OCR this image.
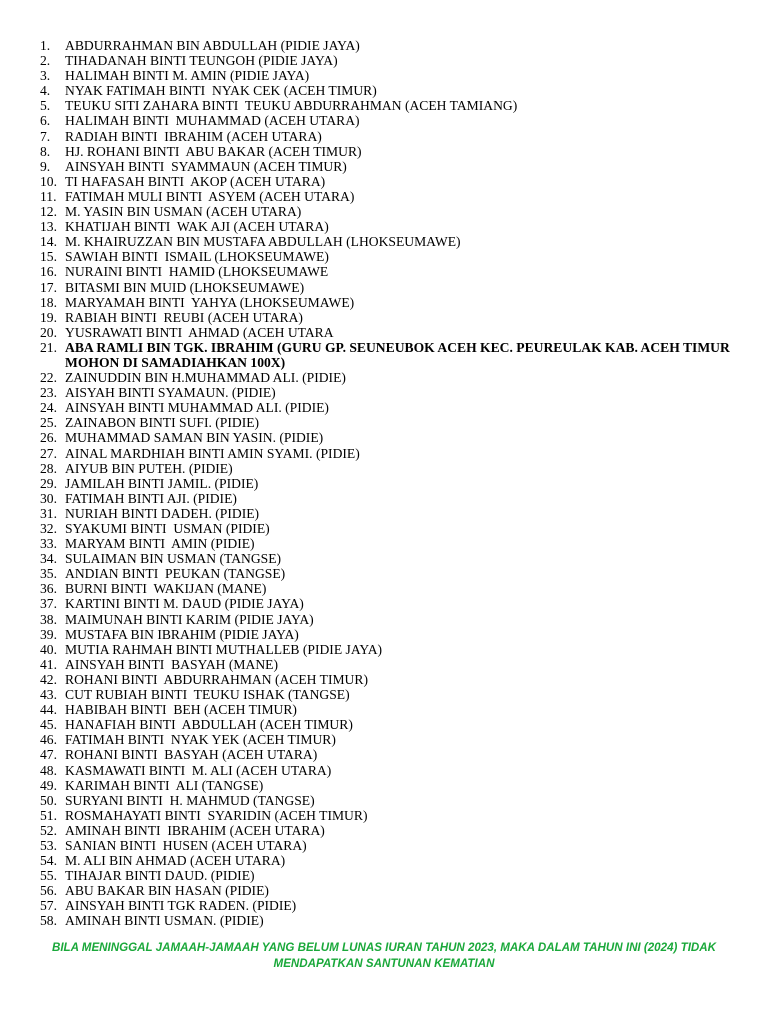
1.	ABDURRAHMAN BIN ABDULLAH (PIDIE JAYA)
2.	TIHADANAH BINTI TEUNGOH (PIDIE JAYA)
3.	HALIMAH BINTI M. AMIN (PIDIE JAYA)
4.	NYAK FATIMAH BINTI  NYAK CEK (ACEH TIMUR)
5.	TEUKU SITI ZAHARA BINTI  TEUKU ABDURRAHMAN (ACEH TAMIANG)
6.	HALIMAH BINTI  MUHAMMAD (ACEH UTARA)
7.	RADIAH BINTI  IBRAHIM (ACEH UTARA)
8.	HJ. ROHANI BINTI  ABU BAKAR (ACEH TIMUR)
9.	AINSYAH BINTI  SYAMMAUN (ACEH TIMUR)
10. TI HAFASAH BINTI  AKOP (ACEH UTARA)
11. FATIMAH MULI BINTI  ASYEM (ACEH UTARA)
12. M. YASIN BIN USMAN (ACEH UTARA)
13. KHATIJAH BINTI  WAK AJI (ACEH UTARA)
14. M. KHAIRUZZAN BIN MUSTAFA ABDULLAH (LHOKSEUMAWE)
15. SAWIAH BINTI  ISMAIL (LHOKSEUMAWE)
16. NURAINI BINTI  HAMID (LHOKSEUMAWE
17. BITASMI BIN MUID (LHOKSEUMAWE)
18. MARYAMAH BINTI  YAHYA (LHOKSEUMAWE)
19. RABIAH BINTI  REUBI (ACEH UTARA)
20. YUSRAWATI BINTI  AHMAD (ACEH UTARA
21. ABA RAMLI BIN TGK. IBRAHIM (GURU GP. SEUNEUBOK ACEH KEC. PEUREULAK KAB. ACEH TIMUR MOHON DI SAMADIAHKAN 100X)
22. ZAINUDDIN BIN H.MUHAMMAD ALI. (PIDIE)
23. AISYAH BINTI SYAMAUN. (PIDIE)
24. AINSYAH BINTI MUHAMMAD ALI. (PIDIE)
25. ZAINABON BINTI SUFI. (PIDIE)
26. MUHAMMAD SAMAN BIN YASIN. (PIDIE)
27. AINAL MARDHIAH BINTI AMIN SYAMI. (PIDIE)
28. AIYUB BIN PUTEH. (PIDIE)
29. JAMILAH BINTI JAMIL. (PIDIE)
30. FATIMAH BINTI AJI. (PIDIE)
31. NURIAH BINTI DADEH. (PIDIE)
32. SYAKUMI BINTI  USMAN (PIDIE)
33. MARYAM BINTI  AMIN (PIDIE)
34. SULAIMAN BIN USMAN (TANGSE)
35. ANDIAN BINTI  PEUKAN (TANGSE)
36. BURNI BINTI  WAKIJAN (MANE)
37. KARTINI BINTI M. DAUD (PIDIE JAYA)
38. MAIMUNAH BINTI KARIM (PIDIE JAYA)
39. MUSTAFA BIN IBRAHIM (PIDIE JAYA)
40. MUTIA RAHMAH BINTI MUTHALLEB (PIDIE JAYA)
41. AINSYAH BINTI  BASYAH (MANE)
42. ROHANI BINTI  ABDURRAHMAN (ACEH TIMUR)
43. CUT RUBIAH BINTI  TEUKU ISHAK (TANGSE)
44. HABIBAH BINTI  BEH (ACEH TIMUR)
45. HANAFIAH BINTI  ABDULLAH (ACEH TIMUR)
46. FATIMAH BINTI  NYAK YEK (ACEH TIMUR)
47. ROHANI BINTI  BASYAH (ACEH UTARA)
48. KASMAWATI BINTI  M. ALI (ACEH UTARA)
49. KARIMAH BINTI  ALI (TANGSE)
50. SURYANI BINTI  H. MAHMUD (TANGSE)
51. ROSMAHAYATI BINTI  SYARIDIN (ACEH TIMUR)
52. AMINAH BINTI  IBRAHIM (ACEH UTARA)
53. SANIAN BINTI  HUSEN (ACEH UTARA)
54. M. ALI BIN AHMAD (ACEH UTARA)
55. TIHAJAR BINTI DAUD. (PIDIE)
56. ABU BAKAR BIN HASAN (PIDIE)
57. AINSYAH BINTI TGK RADEN. (PIDIE)
58. AMINAH BINTI USMAN. (PIDIE)
BILA MENINGGAL JAMAAH-JAMAAH YANG BELUM LUNAS IURAN TAHUN 2023, MAKA DALAM TAHUN INI (2024) TIDAK
MENDAPATKAN SANTUNAN KEMATIAN
